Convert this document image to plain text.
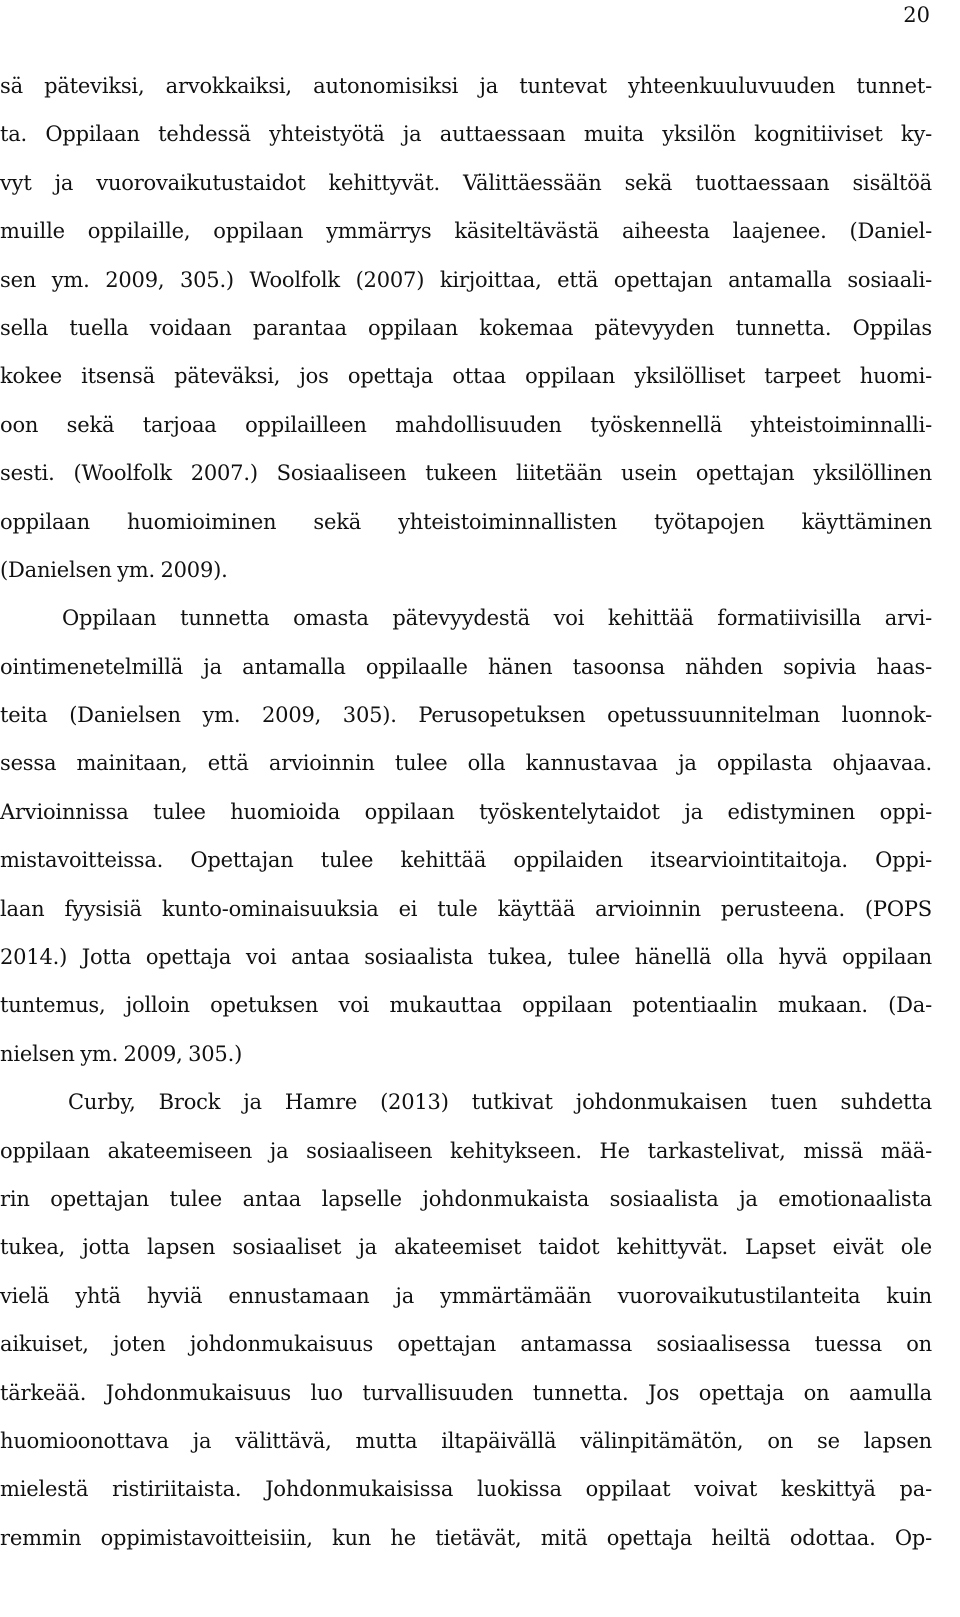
20
sä päteviksi, arvokkaiksi, autonomisiksi ja tuntevat yhteenkuuluvuuden tunnet-
ta. Oppilaan tehdessä yhteistyötä ja auttaessaan muita yksilön kognitiiviset ky-
vyt ja vuorovaikutustaidot kehittyvät. Välittäessään sekä tuottaessaan sisältöä
muille oppilaille, oppilaan ymmärrys käsiteltävästä aiheesta laajenee. (Daniel-
sen ym. 2009, 305.) Woolfolk (2007) kirjoittaa, että opettajan antamalla sosiaali-
sella tuella voidaan parantaa oppilaan kokemaa pätevyyden tunnetta. Oppilas
kokee itsensä päteväksi, jos opettaja ottaa oppilaan yksilölliset tarpeet huomi-
oon sekä tarjoaa oppilailleen mahdollisuuden työskennellä yhteistoiminnalli-
sesti. (Woolfolk 2007.) Sosiaaliseen tukeen liitetään usein opettajan yksilöllinen
oppilaan huomioiminen sekä yhteistoiminnallisten työtapojen käyttäminen
(Danielsen ym. 2009).
Oppilaan tunnetta omasta pätevyydestä voi kehittää formatiivisilla arvi-
ointimenetelmillä ja antamalla oppilaalle hänen tasoonsa nähden sopivia haas-
teita (Danielsen ym. 2009, 305). Perusopetuksen opetussuunnitelman luonnok-
sessa mainitaan, että arvioinnin tulee olla kannustavaa ja oppilasta ohjaavaa.
Arvioinnissa tulee huomioida oppilaan työskentelytaidot ja edistyminen oppi-
mistavoitteissa. Opettajan tulee kehittää oppilaiden itsearviointitaitoja. Oppi-
laan fyysisiä kunto-ominaisuuksia ei tule käyttää arvioinnin perusteena. (POPS
2014.) Jotta opettaja voi antaa sosiaalista tukea, tulee hänellä olla hyvä oppilaan
tuntemus, jolloin opetuksen voi mukauttaa oppilaan potentiaalin mukaan. (Da-
nielsen ym. 2009, 305.)
Curby, Brock ja Hamre (2013) tutkivat johdonmukaisen tuen suhdetta
oppilaan akateemiseen ja sosiaaliseen kehitykseen. He tarkastelivat, missä mää-
rin opettajan tulee antaa lapselle johdonmukaista sosiaalista ja emotionaalista
tukea, jotta lapsen sosiaaliset ja akateemiset taidot kehittyvät. Lapset eivät ole
vielä yhtä hyviä ennustamaan ja ymmärtämään vuorovaikutustilanteita kuin
aikuiset, joten johdonmukaisuus opettajan antamassa sosiaalisessa tuessa on
tärkeää. Johdonmukaisuus luo turvallisuuden tunnetta. Jos opettaja on aamulla
huomioonottava ja välittävä, mutta iltapäivällä välinpitämätön, on se lapsen
mielestä ristiriitaista. Johdonmukaisissa luokissa oppilaat voivat keskittyä pa-
remmin oppimistavoitteisiin, kun he tietävät, mitä opettaja heiltä odottaa. Op-
